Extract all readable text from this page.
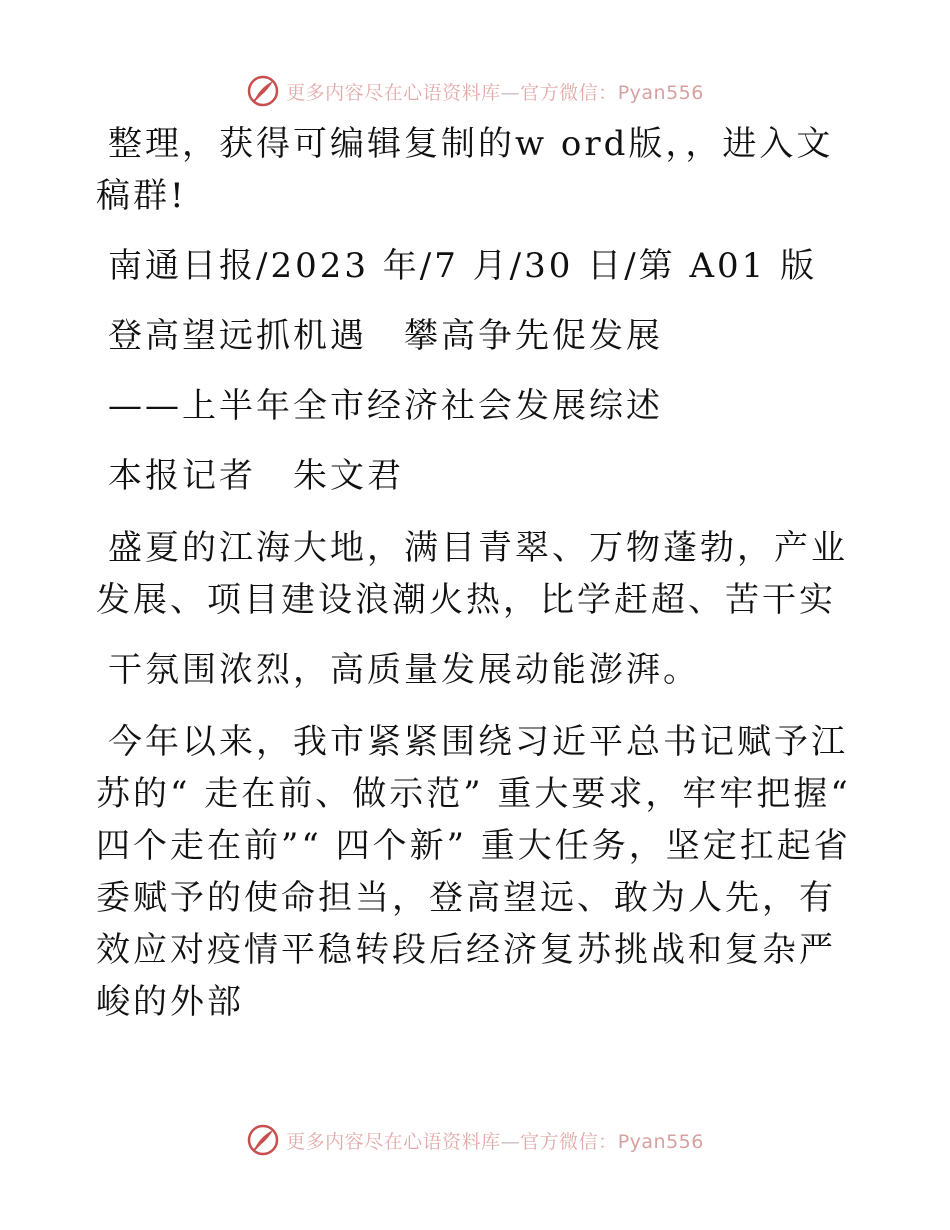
更多内容尽在心语资料库—官方微信：Pyan556

整理，获得可编辑复制的w ord版，，进入文稿群!

南通日报/2023 年/7 月/30 日/第 A01 版

登高望远抓机遇　攀高争先促发展

——上半年全市经济社会发展综述

本报记者　朱文君

盛夏的江海大地，满目青翠、万物蓬勃，产业发展、项目建设浪潮火热，比学赶超、苦干实

干氛围浓烈，高质量发展动能澎湃。

今年以来，我市紧紧围绕习近平总书记赋予江苏的“ 走在前、做示范” 重大要求，牢牢把握“ 四个走在前”“ 四个新” 重大任务，坚定扛起省委赋予的使命担当，登高望远、敢为人先，有效应对疫情平稳转段后经济复苏挑战和复杂严峻的外部

更多内容尽在心语资料库—官方微信：Pyan556
